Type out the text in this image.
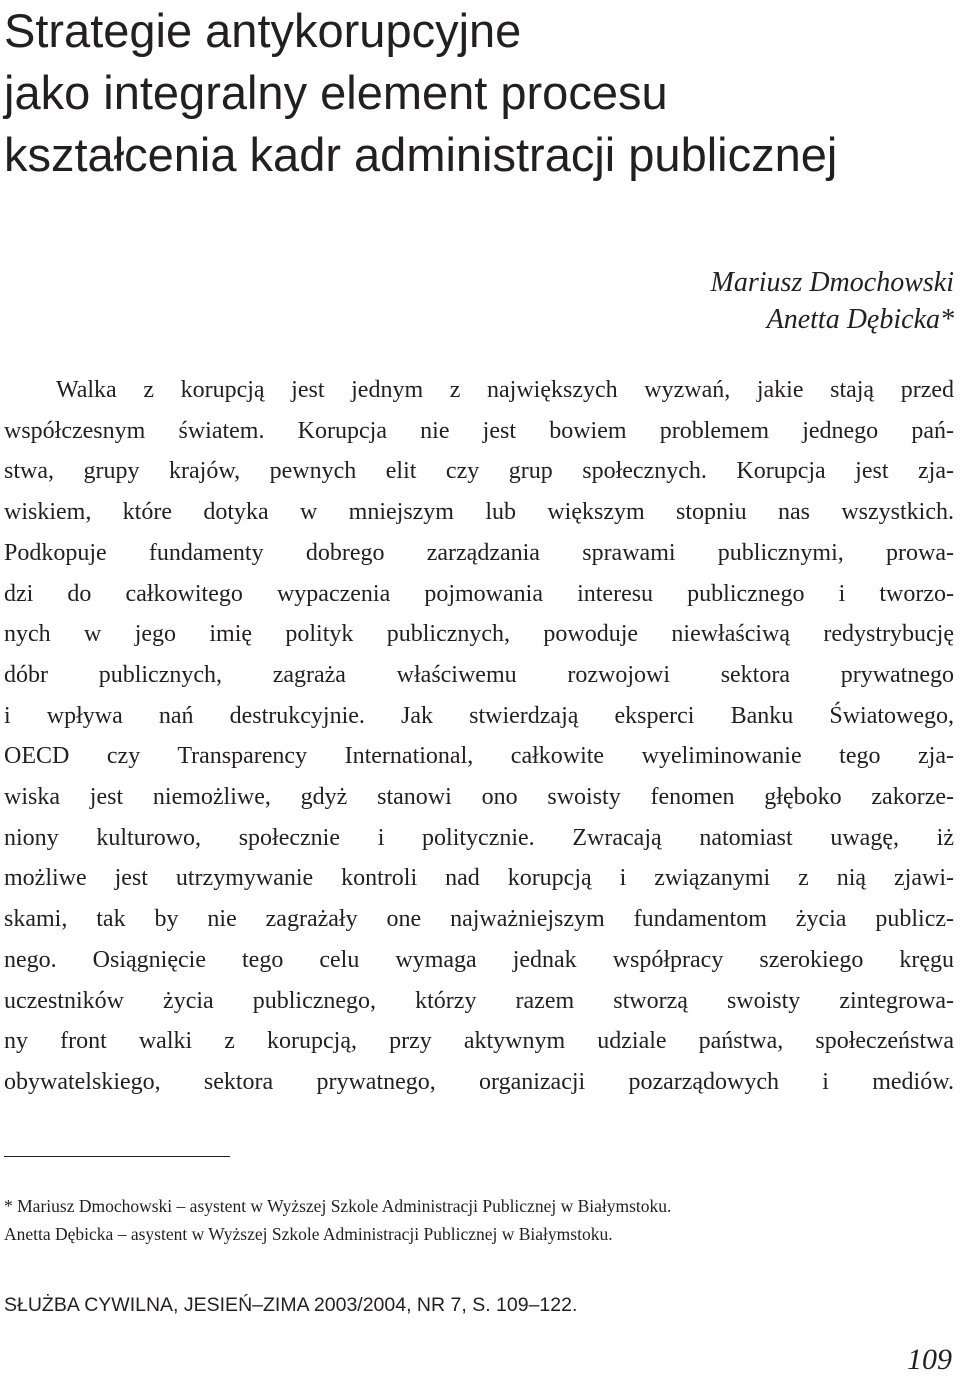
Strategie antykorupcyjne
jako integralny element procesu
kształcenia kadr administracji publicznej
Mariusz Dmochowski
Anetta Dębicka*
Walka z korupcją jest jednym z największych wyzwań, jakie stają przed
współczesnym światem. Korupcja nie jest bowiem problemem jednego pań-
stwa, grupy krajów, pewnych elit czy grup społecznych. Korupcja jest zja-
wiskiem, które dotyka w mniejszym lub większym stopniu nas wszystkich.
Podkopuje fundamenty dobrego zarządzania sprawami publicznymi, prowa-
dzi do całkowitego wypaczenia pojmowania interesu publicznego i tworzo-
nych w jego imię polityk publicznych, powoduje niewłaściwą redystrybucję
dóbr publicznych, zagraża właściwemu rozwojowi sektora prywatnego
i wpływa nań destrukcyjnie. Jak stwierdzają eksperci Banku Światowego,
OECD czy Transparency International, całkowite wyeliminowanie tego zja-
wiska jest niemożliwe, gdyż stanowi ono swoisty fenomen głęboko zakorze-
niony kulturowo, społecznie i politycznie. Zwracają natomiast uwagę, iż
możliwe jest utrzymywanie kontroli nad korupcją i związanymi z nią zjawi-
skami, tak by nie zagrażały one najważniejszym fundamentom życia publicz-
nego. Osiągnięcie tego celu wymaga jednak współpracy szerokiego kręgu
uczestników życia publicznego, którzy razem stworzą swoisty zintegrowa-
ny front walki z korupcją, przy aktywnym udziale państwa, społeczeństwa
obywatelskiego, sektora prywatnego, organizacji pozarządowych i mediów.
* Mariusz Dmochowski – asystent w Wyższej Szkole Administracji Publicznej w Białymstoku.
Anetta Dębicka – asystent w Wyższej Szkole Administracji Publicznej w Białymstoku.
SŁUŻBA CYWILNA, JESIEŃ–ZIMA 2003/2004, NR 7, S. 109–122.
109
